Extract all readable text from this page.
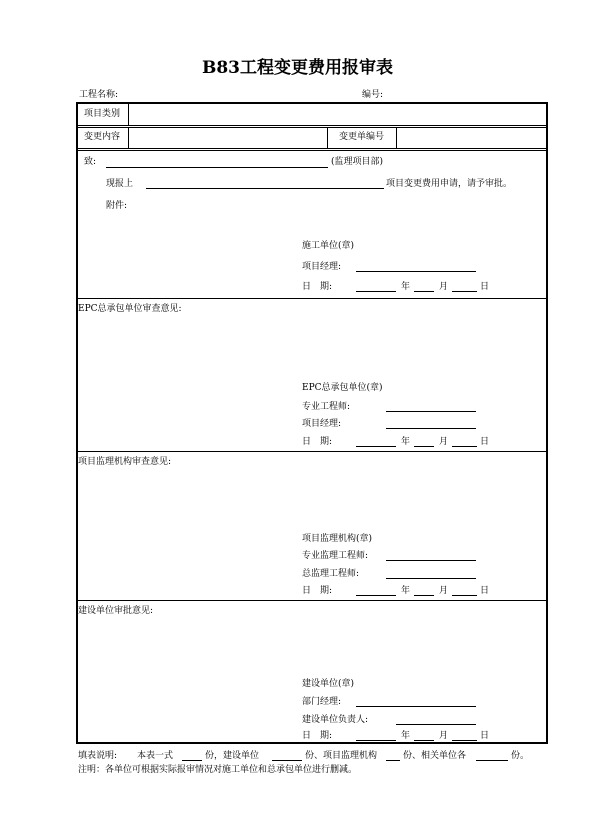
B83工程变更费用报审表
工程名称:	编号:
项目类别
变更内容	变更单编号
致:	(监理项目部)
现报上	项目变更费用申请，请予审批。
附件:
施工单位(章)
项目经理:
日　期:	年	月	日
EPC总承包单位审查意见:
EPC总承包单位(章)
专业工程师:
项目经理:
日　期:	年	月	日
项目监理机构审查意见:
项目监理机构(章)
专业监理工程师:
总监理工程师:
日　期:	年	月	日
建设单位审批意见:
建设单位(章)
部门经理:
建设单位负责人:
日　期:	年	月	日
填表说明: 本表一式	份，建设单位	份、项目监理机构	份、相关单位各	份。
注明：各单位可根据实际报审情况对施工单位和总承包单位进行删减。
